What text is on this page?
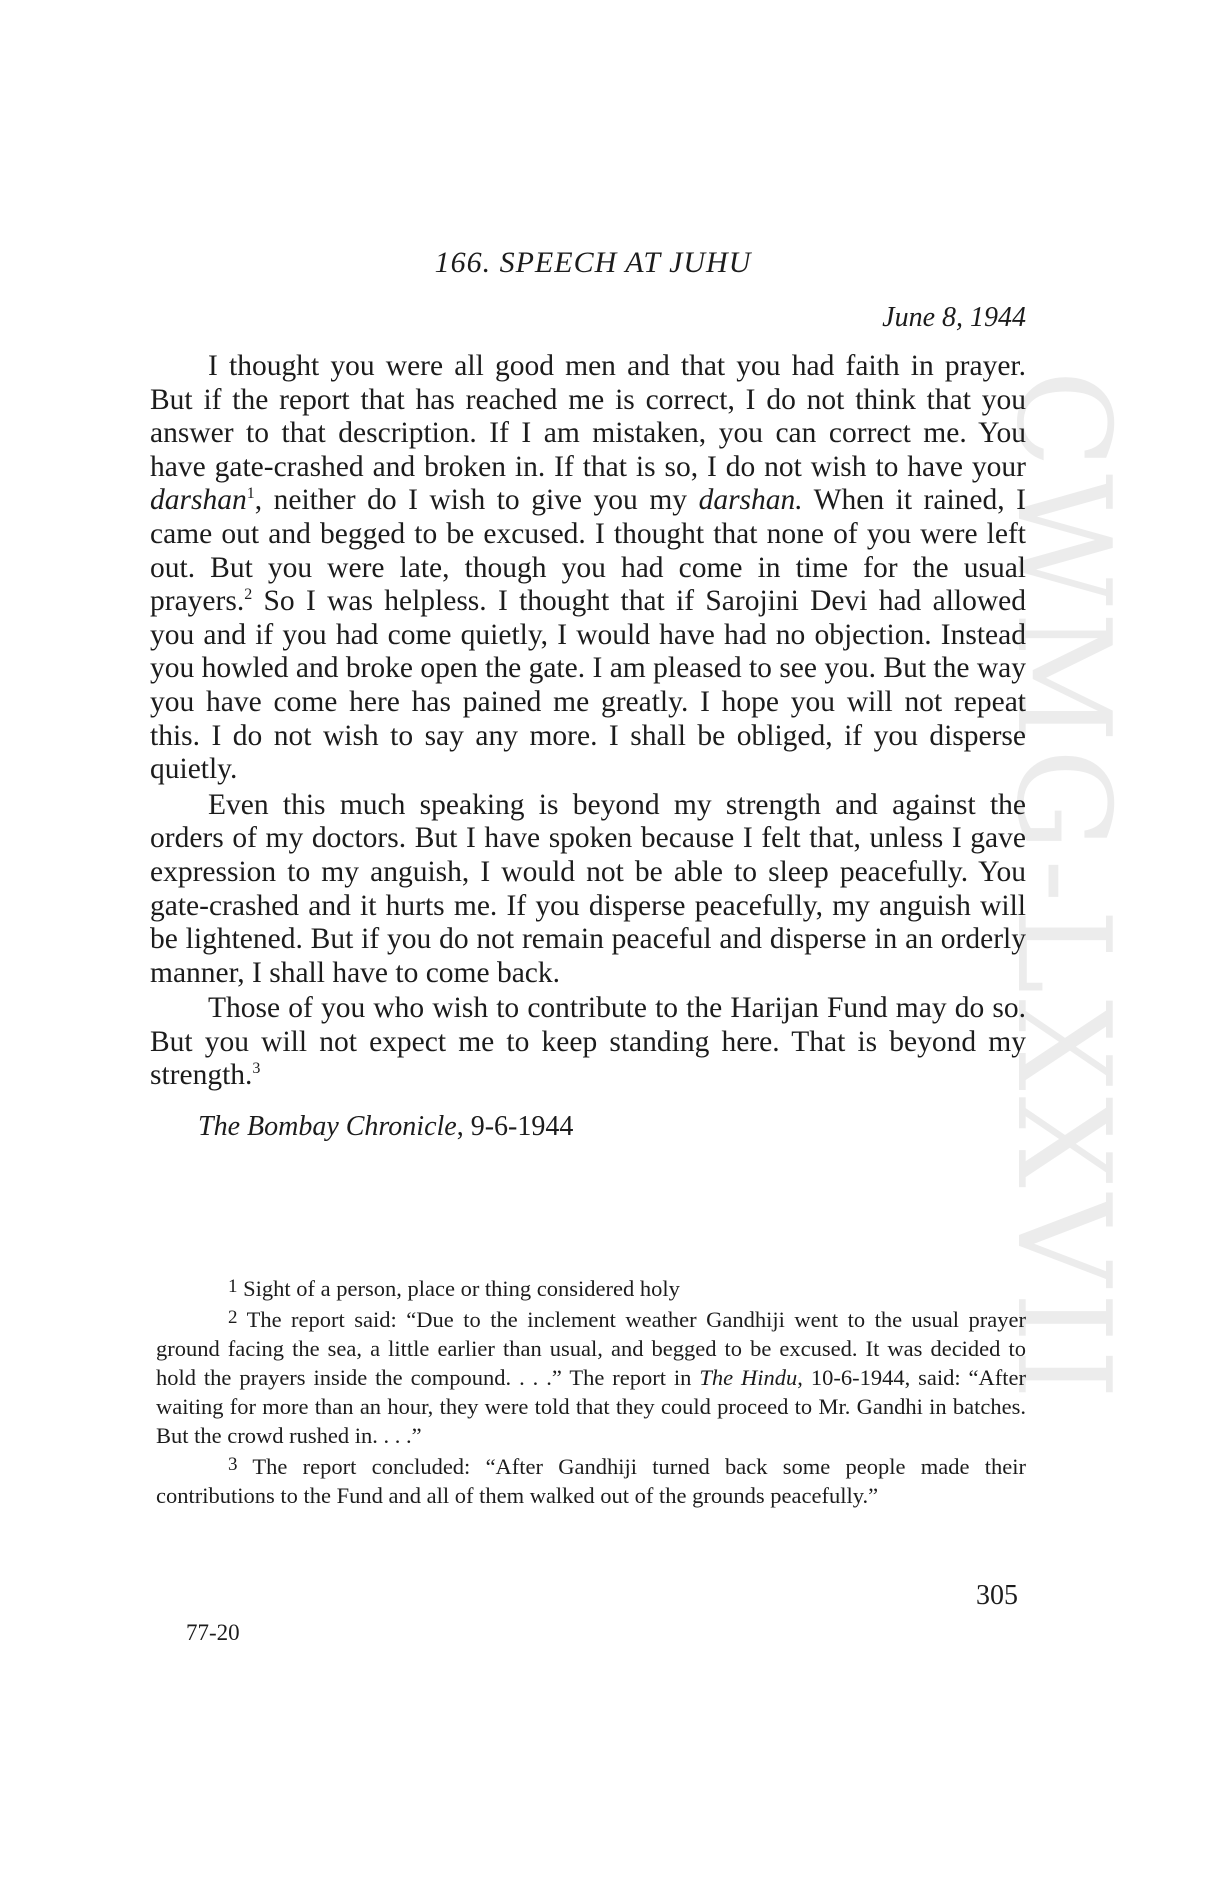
CWMG-LXXVII
166. SPEECH AT JUHU
June 8, 1944

I thought you were all good men and that you had faith in prayer. But if the report that has reached me is correct, I do not think that you answer to that description. If I am mistaken, you can correct me. You have gate-crashed and broken in. If that is so, I do not wish to have your darshan$^1$, neither do I wish to give you my darshan. When it rained, I came out and begged to be excused. I thought that none of you were left out. But you were late, though you had come in time for the usual prayers.$^2$ So I was helpless. I thought that if Sarojini Devi had allowed you and if you had come quietly, I would have had no objection. Instead you howled and broke open the gate. I am pleased to see you. But the way you have come here has pained me greatly. I hope you will not repeat this. I do not wish to say any more. I shall be obliged, if you disperse quietly.

Even this much speaking is beyond my strength and against the orders of my doctors. But I have spoken because I felt that, unless I gave expression to my anguish, I would not be able to sleep peacefully. You gate-crashed and it hurts me. If you disperse peacefully, my anguish will be lightened. But if you do not remain peaceful and disperse in an orderly manner, I shall have to come back.

Those of you who wish to contribute to the Harijan Fund may do so. But you will not expect me to keep standing here. That is beyond my strength.$^3$

The Bombay Chronicle, 9-6-1944

1 Sight of a person, place or thing considered holy

2 The report said: “Due to the inclement weather Gandhiji went to the usual prayer ground facing the sea, a little earlier than usual, and begged to be excused. It was decided to hold the prayers inside the compound. . . .” The report in The Hindu, 10-6-1944, said: “After waiting for more than an hour, they were told that they could proceed to Mr. Gandhi in batches. But the crowd rushed in. . . .”

3 The report concluded: “After Gandhiji turned back some people made their contributions to the Fund and all of them walked out of the grounds peacefully.”

305
77-20
